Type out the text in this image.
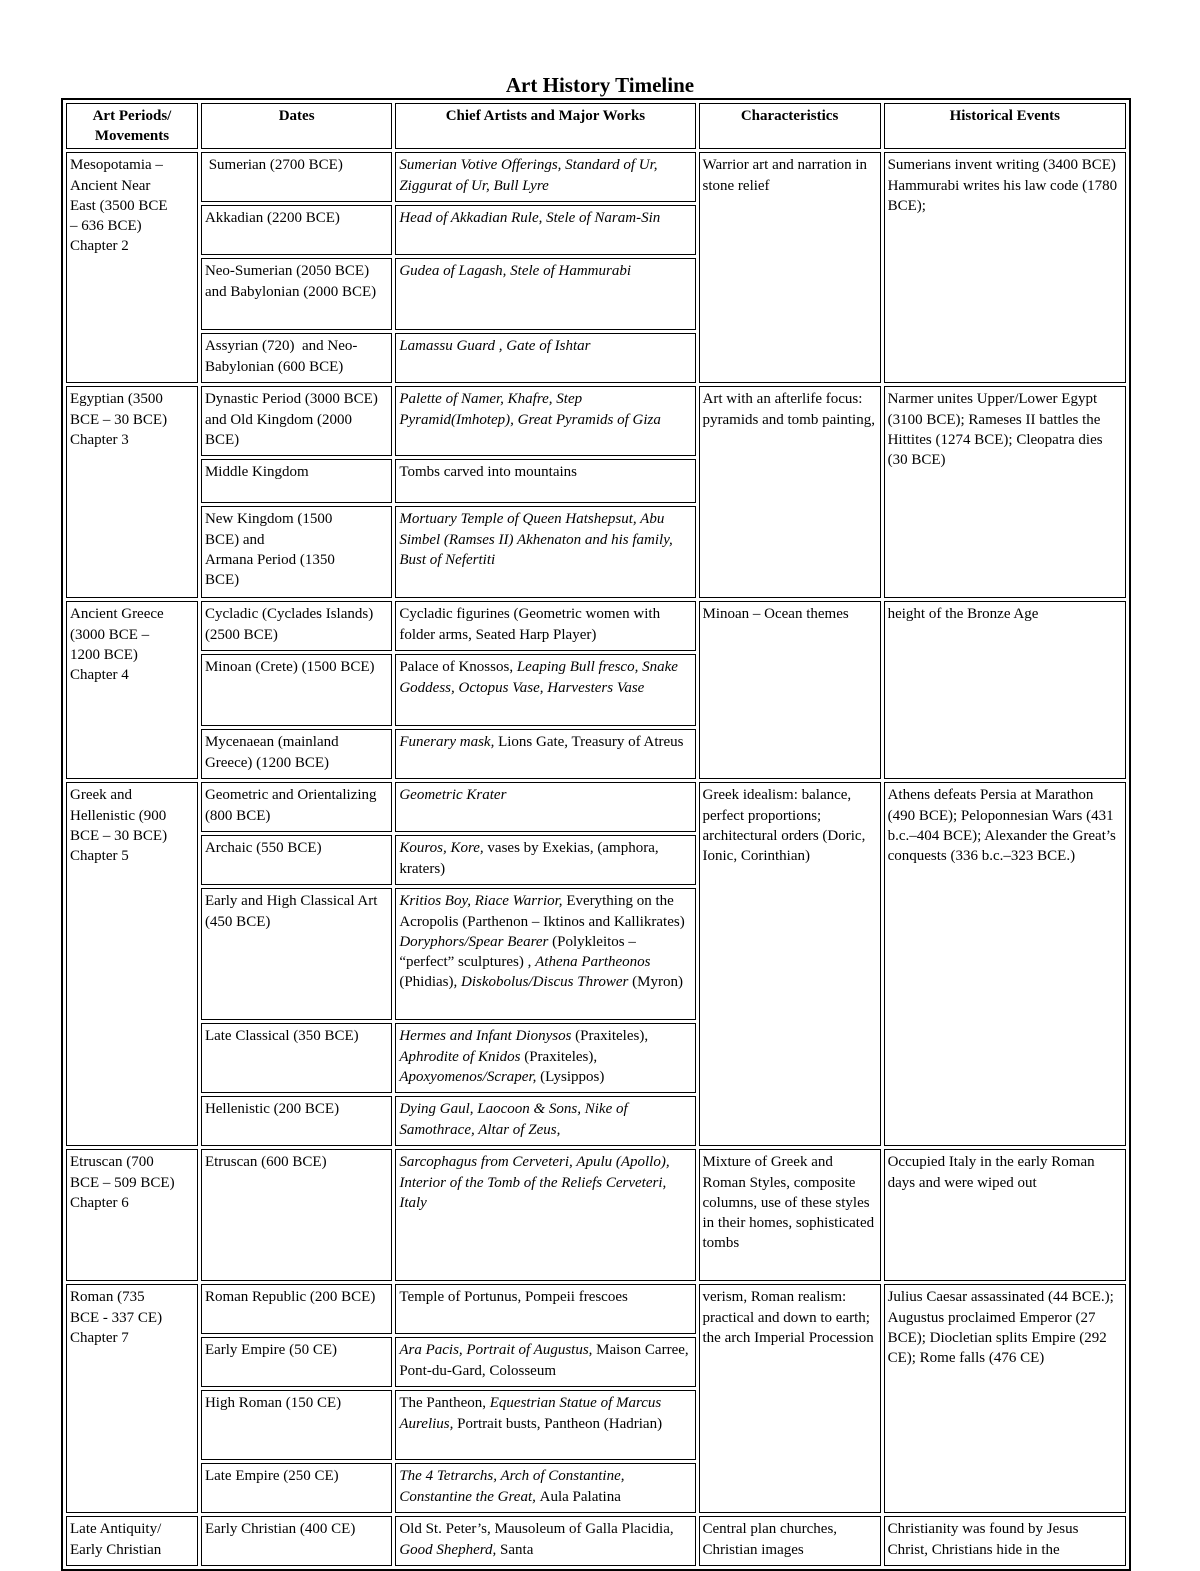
Art History Timeline
Art Periods/
Movements	Dates	Chief Artists and Major Works	Characteristics	Historical Events
Mesopotamia –
Ancient Near
East (3500 BCE
– 636 BCE)
Chapter 2	Sumerian (2700 BCE)	Sumerian Votive Offerings, Standard of Ur, Ziggurat of Ur, Bull Lyre	Warrior art and narration in stone relief	Sumerians invent writing (3400 BCE) Hammurabi writes his law code (1780 BCE);
	Akkadian (2200 BCE)	Head of Akkadian Rule, Stele of Naram-Sin		
	Neo-Sumerian (2050 BCE) and Babylonian (2000 BCE)	Gudea of Lagash, Stele of Hammurabi		
	Assyrian (720)  and Neo-Babylonian (600 BCE)	Lamassu Guard , Gate of Ishtar		
Egyptian (3500
BCE – 30 BCE)
Chapter 3	Dynastic Period (3000 BCE)  and Old Kingdom (2000 BCE)	Palette of Namer, Khafre, Step Pyramid(Imhotep), Great Pyramids of Giza	Art with an afterlife focus: pyramids and tomb painting,	Narmer unites Upper/Lower Egypt (3100 BCE); Rameses II battles the Hittites (1274 BCE); Cleopatra dies (30 BCE)
	Middle Kingdom	Tombs carved into mountains		
	New Kingdom (1500
BCE) and
Armana Period (1350
BCE)	Mortuary Temple of Queen Hatshepsut, Abu Simbel (Ramses II) Akhenaton and his family, Bust of Nefertiti		
Ancient Greece
(3000 BCE –
1200 BCE)
Chapter 4	Cycladic (Cyclades Islands) (2500 BCE)	Cycladic figurines (Geometric women with folder arms, Seated Harp Player)	Minoan – Ocean themes	height of the Bronze Age
	Minoan (Crete) (1500 BCE)	Palace of Knossos, Leaping Bull fresco, Snake Goddess, Octopus Vase, Harvesters Vase		
	Mycenaean (mainland Greece) (1200 BCE)	Funerary mask, Lions Gate, Treasury of Atreus		
Greek and
Hellenistic (900
BCE – 30 BCE)
Chapter 5	Geometric and Orientalizing (800 BCE)	Geometric Krater	Greek idealism: balance, perfect proportions; architectural orders (Doric, Ionic, Corinthian)	Athens defeats Persia at Marathon (490 BCE); Peloponnesian Wars (431 b.c.–404 BCE); Alexander the Great’s conquests (336 b.c.–323 BCE.)
	Archaic (550 BCE)	Kouros, Kore, vases by Exekias, (amphora, kraters)		
	Early and High Classical Art (450 BCE)	Kritios Boy, Riace Warrior, Everything on the Acropolis (Parthenon – Iktinos and Kallikrates) Doryphors/Spear Bearer (Polykleitos – “perfect” sculptures) , Athena Partheonos (Phidias), Diskobolus/Discus Thrower (Myron)		
	Late Classical (350 BCE)	Hermes and Infant Dionysos (Praxiteles), Aphrodite of Knidos (Praxiteles), Apoxyomenos/Scraper, (Lysippos)		
	Hellenistic (200 BCE)	Dying Gaul, Laocoon & Sons, Nike of Samothrace, Altar of Zeus,		
Etruscan (700
BCE – 509 BCE)
Chapter 6	Etruscan (600 BCE)	Sarcophagus from Cerveteri, Apulu (Apollo), Interior of the Tomb of the Reliefs Cerveteri, Italy	Mixture of Greek and Roman Styles, composite columns, use of these styles in their homes, sophisticated tombs	Occupied Italy in the early Roman days and were wiped out
Roman (735
BCE - 337 CE)
Chapter 7	Roman Republic (200 BCE)	Temple of Portunus, Pompeii frescoes	verism, Roman realism: practical and down to earth; the arch Imperial Procession	Julius Caesar assassinated (44 BCE.); Augustus proclaimed Emperor (27 BCE); Diocletian splits Empire (292 CE); Rome falls (476 CE)
	Early Empire (50 CE)	Ara Pacis, Portrait of Augustus, Maison Carree, Pont-du-Gard, Colosseum		
	High Roman (150 CE)	The Pantheon, Equestrian Statue of Marcus Aurelius, Portrait busts, Pantheon (Hadrian)		
	Late Empire (250 CE)	The 4 Tetrarchs, Arch of Constantine, Constantine the Great, Aula Palatina		
Late Antiquity/
Early Christian	Early Christian (400 CE)	Old St. Peter’s, Mausoleum of Galla Placidia, Good Shepherd, Santa	Central plan churches, Christian images	Christianity was found by Jesus Christ, Christians hide in the
